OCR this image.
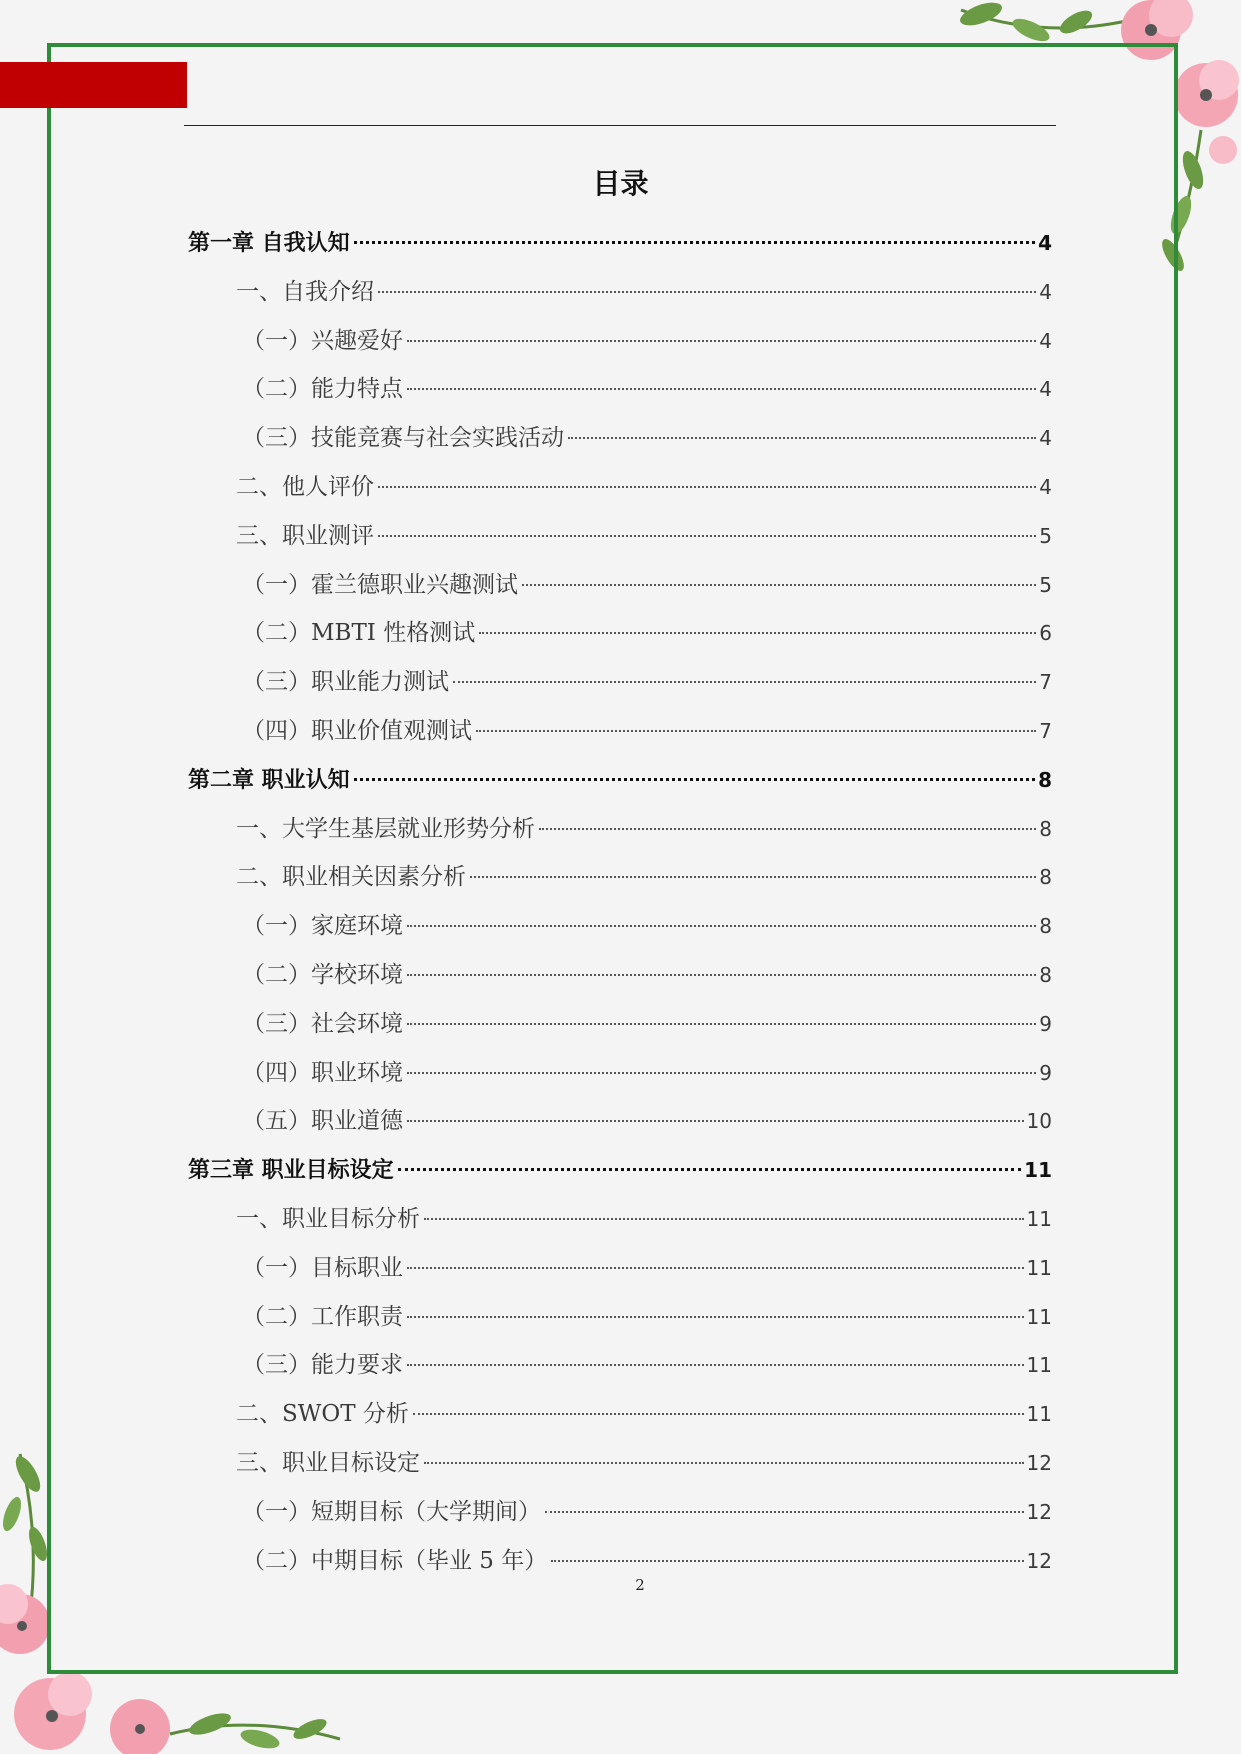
目录
第一章 自我认知	4
一、自我介绍	4
（一）兴趣爱好	4
（二）能力特点	4
（三）技能竞赛与社会实践活动	4
二、他人评价	4
三、职业测评	5
（一）霍兰德职业兴趣测试	5
（二）MBTI 性格测试	6
（三）职业能力测试	7
（四）职业价值观测试	7
第二章 职业认知	8
一、大学生基层就业形势分析	8
二、职业相关因素分析	8
（一）家庭环境	8
（二）学校环境	8
（三）社会环境	9
（四）职业环境	9
（五）职业道德	10
第三章 职业目标设定	11
一、职业目标分析	11
（一）目标职业	11
（二）工作职责	11
（三）能力要求	11
二、SWOT 分析	11
三、职业目标设定	12
（一）短期目标（大学期间）	12
（二）中期目标（毕业 5 年）	12
2
